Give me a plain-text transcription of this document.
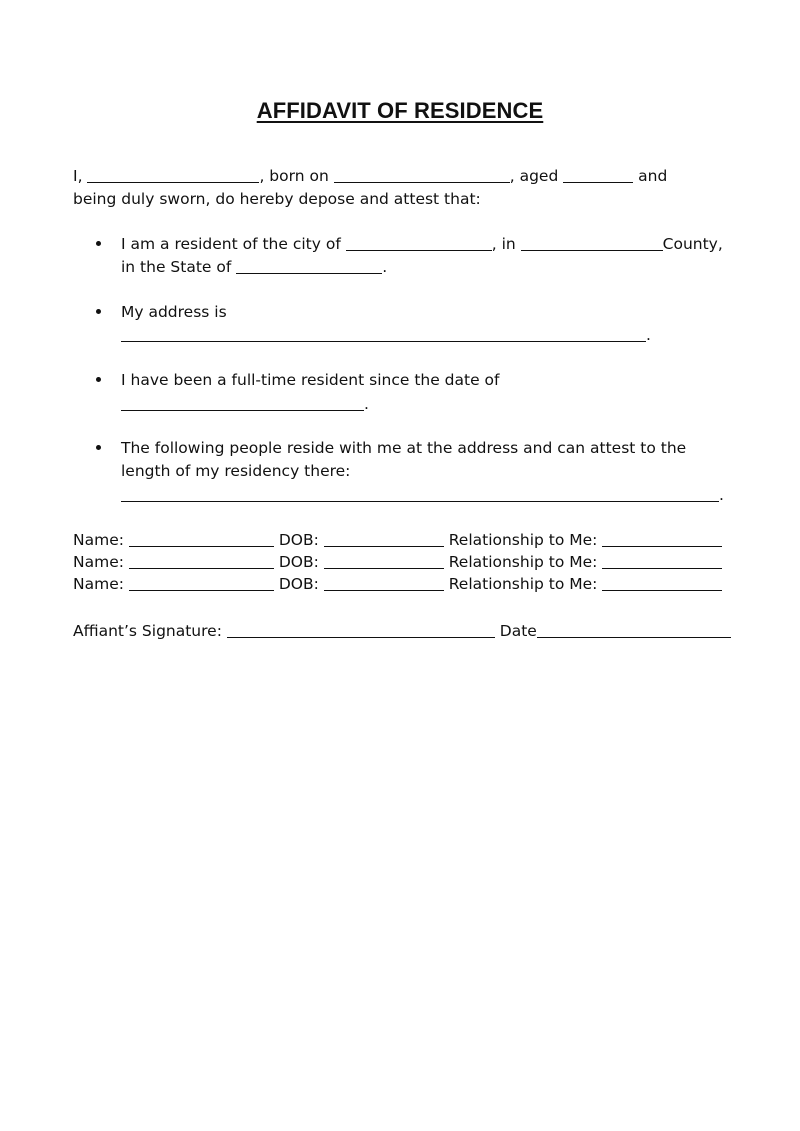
AFFIDAVIT OF RESIDENCE
I,	, born on	, aged	and
being duly sworn, do hereby depose and attest that:
I am a resident of the city of	, in	County,
in the State of	.
My address is
.
I have been a full-time resident since the date of
.
The following people reside with me at the address and can attest to the
length of my residency there:
.
Name:	DOB:	Relationship to Me:
Name:	DOB:	Relationship to Me:
Name:	DOB:	Relationship to Me:
Affiant’s Signature:	Date
